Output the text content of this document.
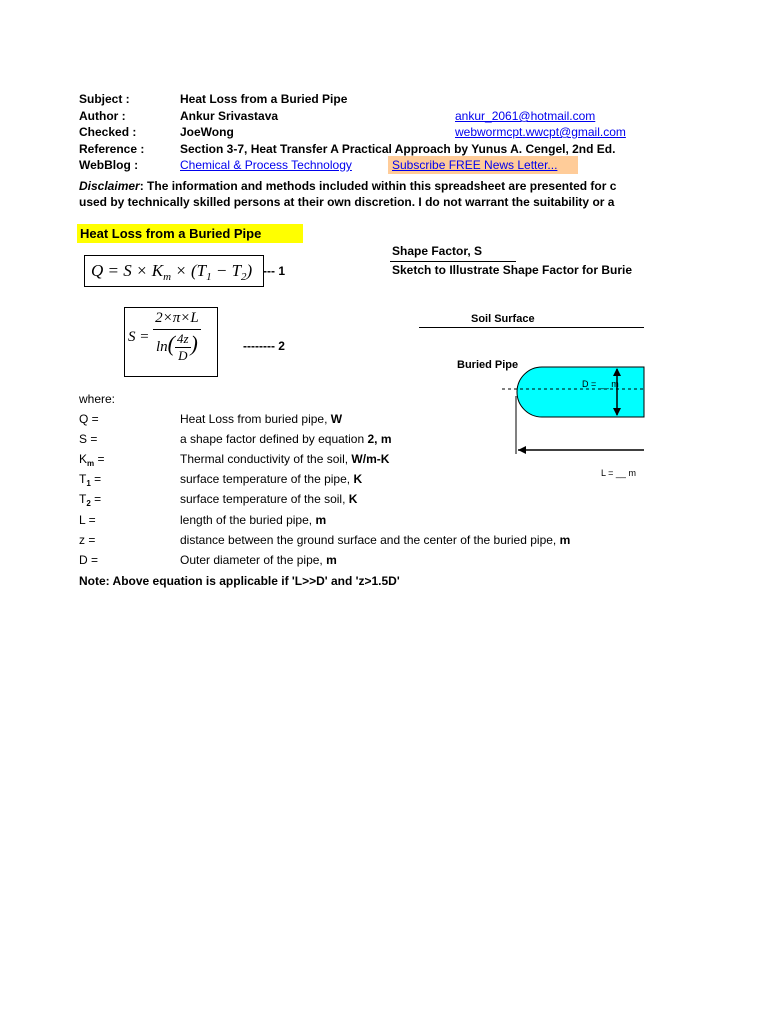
Subject :	Heat Loss from a Buried Pipe
Author :	Ankur Srivastava	ankur_2061@hotmail.com
Checked :	JoeWong	webwormcpt.wwcpt@gmail.com
Reference :	Section 3-7, Heat Transfer A Practical Approach by Yunus A. Cengel, 2nd Ed.
WebBlog :	Chemical & Process Technology	Subscribe FREE News Letter...
Disclaimer: The information and methods included within this spreadsheet are presented for c
used by technically skilled persons at their own discretion. I do not warrant the suitability or a
Heat Loss from a Buried Pipe
Shape Factor, S
Sketch to Illustrate Shape Factor for Burie
$Q = S \times K_m \times (T_1 - T_2)$ --- 1
$S = \frac{2\times\pi\times L}{\ln( \frac{4z}{D} )}$	-------- 2
Soil Surface
Buried Pipe
D = __ m
L = __ m
where:
Q =	Heat Loss from buried pipe, W
S =	a shape factor defined by equation 2, m
$K_m$ =	Thermal conductivity of the soil, W/m-K
$T_1$ =	surface temperature of the pipe, K
$T_2$ =	surface temperature of the soil, K
L =	length of the buried pipe, m
z =	distance between the ground surface and the center of the buried pipe, m
D =	Outer diameter of the pipe, m
Note: Above equation is applicable if 'L>>D' and 'z>1.5D'
